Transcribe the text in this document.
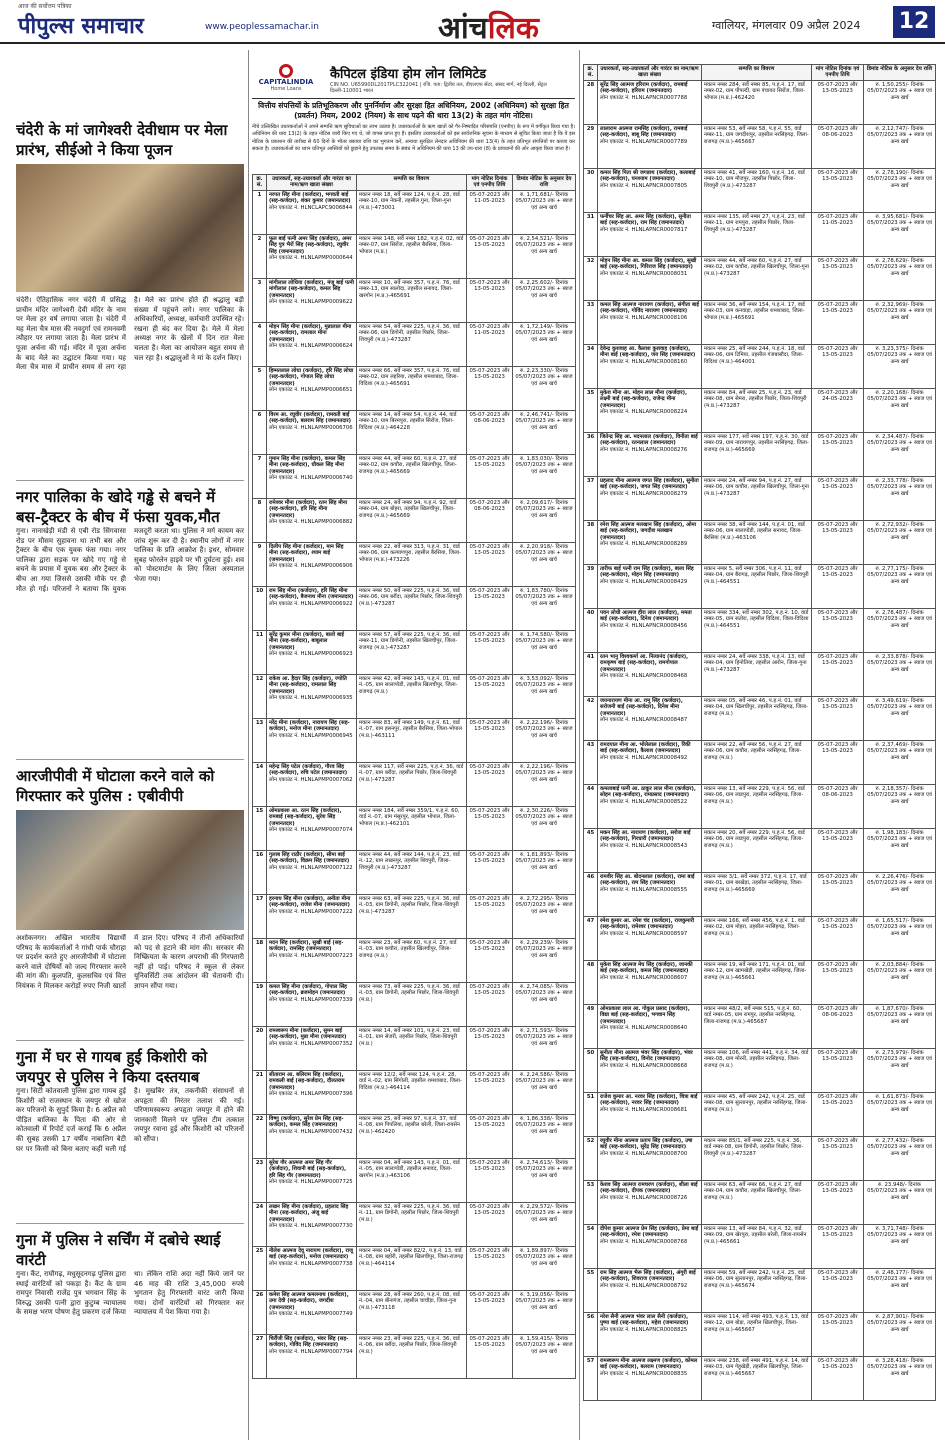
आज की सर्वोत्तम पत्रिका
पीपुल्स समाचार	www.peoplessamachar.in	आंचलिक	ग्वालियर, मंगलवार 09 अप्रैल 2024 12
चंदेरी के मां जागेश्वरी देवीधाम पर मेला प्रारंभ, सीईओ ने किया पूजन
चंदेरी। ऐतिहासिक नगर चंदेरी में प्रसिद्ध प्राचीन मंदिर जागेश्वरी देवी मंदिर के नाम पर मेला हर वर्ष लगाया जाता है। चंदेरी में यह मेला चैत्र मास की नवदुर्गा एवं रामनवमी त्यौहार पर लगाया जाता है। मेला प्रारंभ में पूजा अर्चना की गई। मंदिर में पूजा अर्चना के बाद मेले का उद्घाटन किया गया। यह मेला चैत्र मास में प्राचीन समय से लग रहा है। मेले का प्रारंभ होते ही श्रद्धालु बड़ी संख्या में पहुंचने लगे। नगर पालिका के अधिकारियों, अध्यक्ष, कर्मचारी उपस्थित रहे। रखना ही बंद कर दिया है। मेले में मेला अध्यक्ष नगर के खेलों में दिन रात मेला चलता है। मेला का आयोजन बहुत समय से चल रहा है। श्रद्धालुओं ने मां के दर्शन किए।
नगर पालिका के खोदे गड्ढे से बचने में बस-ट्रैक्टर के बीच में फंसा युवक,मौत
गुना। नानाखेड़ी मंडी से एबी रोड सिंगवासा रोड पर मौसम सुहावना था तभी बस और ट्रैक्टर के बीच एक युवक फंस गया। नगर पालिका द्वारा सड़क पर खोदे गए गड्ढे से बचने के प्रयास में युवक बस और ट्रैक्टर के बीच आ गया जिससे उसकी मौके पर ही मौत हो गई। परिजनों ने बताया कि युवक मजदूरी करता था। पुलिस ने मर्ग कायम कर जांच शुरू कर दी है। स्थानीय लोगों में नगर पालिका के प्रति आक्रोश है। इधर, सोमवार सुबह फोरलेन हाइवे पर भी दुर्घटना हुई। शव को पोस्टमार्टम के लिए जिला अस्पताल भेजा गया।
आरजीपीवी में घोटाला करने वाले को गिरफ्तार करे पुलिस : एबीवीपी
अशोकनगर। अखिल भारतीय विद्यार्थी परिषद के कार्यकर्ताओं ने गांधी पार्क चौराहा पर प्रदर्शन करते हुए आरजीपीवी में घोटाला करने वाले दोषियों को जल्द गिरफ्तार करने की मांग की। कुलपति, कुलसचिव एवं वित्त नियंत्रक ने मिलकर करोड़ों रुपए निजी खातों में डाल दिए। परिषद ने तीनों अधिकारियों को पद से हटाने की मांग की। सरकार की निष्क्रियता के कारण अपराधी की गिरफ्तारी नहीं हो पाई। परिषद ने स्कूल से लेकर यूनिवर्सिटी तक आंदोलन की चेतावनी दी। ज्ञापन सौंपा गया।
गुना में घर से गायब हुई किशोरी को जयपुर से पुलिस ने किया दस्तयाब
गुना। सिटी कोतवाली पुलिस द्वारा गायब हुई किशोरी को राजस्थान के जयपुर से खोज कर परिजनों के सुपुर्द किया है। 6 अप्रैल को पीड़ित बालिका के पिता की ओर से कोतवाली में रिपोर्ट दर्ज कराई कि 6 अप्रैल की सुबह उसकी 17 वर्षीय नाबालिग बेटी घर पर किसी को बिना बताए कहीं चली गई है। मुखबिर तंत्र, तकनीकी संसाधनों से अपहृता की निरंतर तलाश की गई। परिणामस्वरूप अपहृता जयपुर में होने की जानकारी मिलने पर पुलिस टीम तत्काल जयपुर रवाना हुई और किशोरी को परिजनों को सौंपा।
गुना में पुलिस ने सर्चिंग में दबोचे स्थाई वारंटी
गुना। कैंट, राघौगढ़, मधुसूदनगढ़ पुलिस द्वारा स्थाई वारंटियों को पकड़ा है। कैंट के ग्राम रामपुर निवासी राजेंद्र पुत्र भगवान सिंह के विरुद्ध उसकी पत्नी द्वारा कुटुम्ब न्यायालय के समक्ष भरण पोषण हेतु प्रकरण दर्ज किया था। लेकिन राशि अदा नहीं किये जाने पर 46 माह की राशि 3,45,000 रुपये भुगतान हेतु गिरफ्तारी वारंट जारी किया गया। दोनों वारंटियों को गिरफ्तार कर न्यायालय में पेश किया गया है।
CAPITALINDIA
Home Loans
कैपिटल इंडिया होम लोन लिमिटेड
CIN NO. U65990DL2017PLC322041 | रजि. पता: द्वितीय तल, डीएलएफ सेंटर, संसद मार्ग, नई दिल्ली, सेंट्रल दिल्ली-110001 भारत
वित्तीय संपत्तियों के प्रतिभूतिकरण और पुनर्निर्माण और सुरक्षा हित अधिनियम, 2002 (अधिनियम) को सुरक्षा हित (प्रवर्तन) नियम, 2002 (नियम) के साथ पढ़ने की धारा 13(2) के तहत मांग नोटिस।
नीचे उल्लिखित उधारकर्ताओं ने अपने सम्पत्ति ऋण सुविधाओं का लाभ उठाया है। उधारकर्ताओं के ऋण खातों को गैर-निष्पादित परिसंपत्ति (एनपीए) के रूप में वर्गीकृत किया गया है। अधिनियम की धारा 13(2) के तहत नोटिस जारी किए गए थे, जो वापस प्राप्त हुए हैं। इसलिए उधारकर्ताओं को इस सार्वजनिक सूचना के माध्यम से सूचित किया जाता है कि वे इस नोटिस के प्रकाशन की तारीख से 60 दिनों के भीतर बकाया राशि का भुगतान करें, अन्यथा सुरक्षित लेनदार अधिनियम की धारा 13(4) के तहत प्रतिभूत संपत्तियों पर कब्जा कर सकता है। उधारकर्ताओं का ध्यान प्रतिभूत आस्तियों को छुड़ाने हेतु उपलब्ध समय के संबंध में अधिनियम की धारा 13 की उप-धारा (8) के प्रावधानों की ओर आकृष्ट किया जाता है।
क्र. सं.	उधारकर्ता, सह-उधारकर्ता और गारंटर का नाम/ऋण खाता संख्या	सम्पत्ति का विवरण	मांग नोटिस दिनांक एवं एनपीए तिथि	डिमांड नोटिस के अनुसार देय राशि
1	नरपत सिंह मीना (कर्जदार), भगवती बाई (सह-कर्जदार), शंकर कुमार (जमानतदार)
लोन एकाउंट नं. HLNCLAPC9006844	मकान नम्बर 18, सर्वे नम्बर 124, प.ह.नं. 28, वार्ड नम्बर-10, ग्राम नेकनी, तहसील गुना, जिला-गुना (म.प्र.)-473001	05-07-2023 और 11-05-2023	रु. 1,71,681/- दिनांक 05/07/2023 तक + ब्याज एवं अन्य खर्च
2	फूल बाई पत्नी अमर सिंह (कर्जदार), अमर सिंह पुत्र भैरों सिंह (सह-कर्जदार), रघुवीर सिंह (जमानतदार)
लोन एकाउंट नं. HLNLAPMP0000644	मकान नम्बर 148, सर्वे नम्बर 182, प.ह.नं. 02, वार्ड नम्बर-07, ग्राम सिरोंज, तहसील बैरसिया, जिला-भोपाल (म.प्र.)	05-07-2023 और 13-05-2023	रु. 2,54,521/- दिनांक 05/07/2023 तक + ब्याज एवं अन्य खर्च
3	मांगीलाल लोधिया (कर्जदार), मंजू बाई पत्नी मांगीलाल (सह-कर्जदार), कमल सिंह (जमानतदार)
लोन एकाउंट नं. HLNLAPMP0009622	मकान नम्बर 10, सर्वे नम्बर 357, प.ह.नं. 76, वार्ड नम्बर-13, ग्राम सालोदा, तहसील सनावद, जिला-खरगोन (म.प्र.)-465691	05-07-2023 और 13-05-2023	रु. 2,25,602/- दिनांक 05/07/2023 तक + ब्याज एवं अन्य खर्च
4	मोहन सिंह मीना (कर्जदार), मुन्नालाल मीना (सह-कर्जदार), रामलाल मीना (जमानतदार)
लोन एकाउंट नं. HLNLAPMP0006624	मकान नम्बर 54, सर्वे नम्बर 225, प.ह.नं. 36, वार्ड नम्बर-06, ग्राम डिगोनी, तहसील पिछोर, जिला-शिवपुरी (म.प्र.)-473287	05-07-2023 और 11-05-2023	रु. 1,72,149/- दिनांक 05/07/2023 तक + ब्याज एवं अन्य खर्च
5	हिम्मतलाल लोधा (कर्जदार), हरि सिंह लोधा (सह-कर्जदार), गोपाल सिंह लोधा (जमानतदार)
लोन एकाउंट नं. HLNLAPMP0006651	मकान नम्बर 66, सर्वे नम्बर 357, प.ह.नं. 76, वार्ड नम्बर-02, ग्राम लहरिया, तहसील शमशाबाद, जिला-विदिशा (म.प्र.)-465691	05-07-2023 और 13-05-2023	रु. 2,23,330/- दिनांक 05/07/2023 तक + ब्याज एवं अन्य खर्च
6	विरम आ. रघुवीर (कर्जदार), रामवती बाई (सह-कर्जदार), बलराम सिंह (जमानतदार)
लोन एकाउंट नं. HLNLAPMP0006706	मकान नम्बर 14, सर्वे नम्बर 54, प.ह.नं. 44, वार्ड नम्बर-10, ग्राम बिरमपुरा, तहसील सिरोंज, जिला-विदिशा (म.प्र.)-464228	05-07-2023 और 08-06-2023	रु. 2,46,741/- दिनांक 05/07/2023 तक + ब्याज एवं अन्य खर्च
7	गुमान सिंह मीना (कर्जदार), कमल सिंह मीना (सह-कर्जदार), धौकल सिंह मीना (जमानतदार)
लोन एकाउंट नं. HLNLAPMP0006740	मकान नम्बर 44, सर्वे नम्बर 60, प.ह.नं. 27, वार्ड नम्बर-02, ग्राम कचौरा, तहसील खिलचीपुर, जिला-राजगढ़ (म.प्र.)-465669	05-07-2023 और 13-05-2023	रु. 1,83,030/- दिनांक 05/07/2023 तक + ब्याज एवं अन्य खर्च
8	रामेश्वर मीना (कर्जदार), रतन सिंह मीना (सह-कर्जदार), हरि सिंह मीना (जमानतदार)
लोन एकाउंट नं. HLNLAPMP0006882	मकान नम्बर 24, सर्वे नम्बर 94, प.ह.नं. 92, वार्ड नम्बर-04, ग्राम बोहरा, तहसील खिलचीपुर, जिला-राजगढ़ (म.प्र.)-465669	05-07-2023 और 08-06-2023	रु. 2,09,617/- दिनांक 05/07/2023 तक + ब्याज एवं अन्य खर्च
9	दिलीप सिंह मीना (कर्जदार), मान सिंह मीना (सह-कर्जदार), श्याम बाई (जमानतदार)
लोन एकाउंट नं. HLNLAPMP0006906	मकान नम्बर 22, सर्वे नम्बर 313, प.ह.नं. 31, वार्ड नम्बर-06, ग्राम कल्याणपुरा, तहसील बैरसिया, जिला-भोपाल (म.प्र.)-473226	05-07-2023 और 13-05-2023	रु. 2,20,918/- दिनांक 05/07/2023 तक + ब्याज एवं अन्य खर्च
10	राम सिंह मीना (कर्जदार), हरि सिंह मीना (सह-कर्जदार), बैजनाथ मीना (जमानतदार)
लोन एकाउंट नं. HLNLAPMP0006922	मकान नम्बर 50, सर्वे नम्बर 225, प.ह.नं. 36, वार्ड नम्बर-06, ग्राम बरौंदा, तहसील पिछोर, जिला-शिवपुरी (म.प्र.)-473287	05-07-2023 और 13-05-2023	रु. 1,83,780/- दिनांक 05/07/2023 तक + ब्याज एवं अन्य खर्च
11	सुरेंद्र कुमार मीना (कर्जदार), बालो बाई मीना (सह-कर्जदार), बाबूलाल (जमानतदार)
लोन एकाउंट नं. HLNLAPMP0006923	मकान नम्बर 57, सर्वे नम्बर 225, प.ह.नं. 36, वार्ड नम्बर-11, ग्राम डिगोनी, तहसील खिलचीपुर, जिला-राजगढ़ (म.प्र.)-473287	05-07-2023 और 13-05-2023	रु. 1,74,580/- दिनांक 05/07/2023 तक + ब्याज एवं अन्य खर्च
12	राकेश आ. हैदार सिंह (कर्जदार), ज्योति मीना (सह-कर्जदार), रामलाल सिंह (जमानतदार)
लोन एकाउंट नं. HLNLAPMP0006935	मकान नम्बर 42, सर्वे नम्बर 143, प.ह.नं. 01, वार्ड नं.-05, ग्राम सालापोडी, तहसील खिलचीपुर, जिला-राजगढ़ (म.प्र.)	05-07-2023 और 13-05-2023	रु. 3,53,092/- दिनांक 05/07/2023 तक + ब्याज एवं अन्य खर्च
13	नरेंद्र मीना (कर्जदार), नारायण सिंह (सह-कर्जदार), मनोज मीना (जमानतदार)
लोन एकाउंट नं. HLNLAPMP0006945	मकान नम्बर 83, सर्वे नम्बर 149, प.ह.नं. 61, वार्ड नं.-07, ग्राम हसनपुर, तहसील बैरसिया, जिला-भोपाल (म.प्र.)-463111	05-07-2023 और 13-05-2023	रु. 2,22,196/- दिनांक 05/07/2023 तक + ब्याज एवं अन्य खर्च
14	महेन्द्र सिंह पटेल (कर्जदार), गौरव सिंह (सह-कर्जदार), रुचि पटेल (जमानतदार)
लोन एकाउंट नं. HLNLAPMP0007062	मकान नम्बर 117, सर्वे नम्बर 225, प.ह.नं. 36, वार्ड नं.-07, ग्राम बरौंदा, तहसील पिछोर, जिला-शिवपुरी (म.प्र.)-473287	05-07-2023 और 13-05-2023	रु. 2,22,196/- दिनांक 05/07/2023 तक + ब्याज एवं अन्य खर्च
15	ओमप्रकाश आ. रतन सिंह (कर्जदार), रामबाई (सह-कर्जदार), सुरेश सिंह (जमानतदार)
लोन एकाउंट नं. HLNLAPMP0007074	मकान नम्बर 184, सर्वे नम्बर 359/1, प.ह.नं. 60, वार्ड नं.-07, ग्राम मंसूरपुर, तहसील भोपाल, जिला-भोपाल (म.प्र.)-462101	05-07-2023 और 13-05-2023	रु. 2,30,226/- दिनांक 05/07/2023 तक + ब्याज एवं अन्य खर्च
16	गुलाब सिंह राठौर (कर्जदार), सीमा बाई (सह-कर्जदार), विक्रम सिंह (जमानतदार)
लोन एकाउंट नं. HLNLAPMP0007122	मकान नम्बर 44, सर्वे नम्बर 144, प.ह.नं. 23, वार्ड नं.-12, ग्राम लखनपुर, तहसील शिवपुरी, जिला-शिवपुरी (म.प्र.)-473287	05-07-2023 और 13-05-2023	रु. 1,81,893/- दिनांक 05/07/2023 तक + ब्याज एवं अन्य खर्च
17	हरनाथ सिंह मीना (कर्जदार), अनीता मीना (सह-कर्जदार), राजेश मीना (जमानतदार)
लोन एकाउंट नं. HLNLAPMP0007222	मकान नम्बर 63, सर्वे नम्बर 225, प.ह.नं. 36, वार्ड नं.-03, ग्राम डिगोनी, तहसील पिछोर, जिला-शिवपुरी (म.प्र.)-473287	05-07-2023 और 13-05-2023	रु. 2,72,295/- दिनांक 05/07/2023 तक + ब्याज एवं अन्य खर्च
18	मदन सिंह (कर्जदार), सुखी बाई (सह-कर्जदार), रामसिंह (जमानतदार)
लोन एकाउंट नं. HLNLAPMP0007223	मकान नम्बर 23, सर्वे नम्बर 60, प.ह.नं. 27, वार्ड नं.-03, ग्राम कचौरा, तहसील खिलचीपुर, जिला-राजगढ़ (म.प्र.)	05-07-2023 और 13-05-2023	रु. 2,29,239/- दिनांक 05/07/2023 तक + ब्याज एवं अन्य खर्च
19	कमल सिंह मीना (कर्जदार), गोपाल सिंह (सह-कर्जदार), ब्रजमोहन (जमानतदार)
लोन एकाउंट नं. HLNLAPMP0007339	मकान नम्बर 73, सर्वे नम्बर 225, प.ह.नं. 36, वार्ड नं.-03, ग्राम डिगोनी, तहसील पिछोर, जिला-शिवपुरी (म.प्र.)	05-07-2023 और 13-05-2023	रु. 2,74,085/- दिनांक 05/07/2023 तक + ब्याज एवं अन्य खर्च
20	रामस्वरूप मीना (कर्जदार), सुमन बाई (सह-कर्जदार), मुन्ना मीना (जमानतदार)
लोन एकाउंट नं. HLNLAPMP0007352	मकान नम्बर 14, सर्वे नम्बर 101, प.ह.नं. 23, वार्ड नं.-01, ग्राम सेजरी, तहसील पिछोर, जिला-शिवपुरी (म.प्र.)	05-07-2023 और 13-05-2023	रु. 2,71,593/- दिनांक 05/07/2023 तक + ब्याज एवं अन्य खर्च
21	सीताराम आ. बलिराम सिंह (कर्जदार), रामकली बाई (सह-कर्जदार), दौलतराम (जमानतदार)
लोन एकाउंट नं. HLNLAPMP0007396	मकान नम्बर 12/2, सर्वे नम्बर 124, प.ह.नं. 28, वार्ड नं.-02, ग्राम सिंगोली, तहसील शमशाबाद, जिला-विदिशा (म.प्र.)-464114	05-07-2023 और 13-05-2023	रु. 2,24,586/- दिनांक 05/07/2023 तक + ब्याज एवं अन्य खर्च
22	विष्णु (कर्जदार), सुरेश प्रेम सिंह (सह-कर्जदार), कमल सिंह (जमानतदार)
लोन एकाउंट नं. HLNLAPMP0007432	मकान नम्बर 25, सर्वे नम्बर 97, प.ह.नं. 37, वार्ड नं.-08, ग्राम पिपलिया, तहसील बरेली, जिला-रायसेन (म.प्र.)-462420	05-07-2023 और 13-05-2023	रु. 1,86,338/- दिनांक 05/07/2023 तक + ब्याज एवं अन्य खर्च
23	सुरेश गौर आत्मज अमर सिंह गौर (कर्जदार), शिवानी बाई (सह-कर्जदार), हरि सिंह गौर (जमानतदार)
लोन एकाउंट नं. HLNLAPMP0007725	मकान नम्बर 04, सर्वे नम्बर 143, प.ह.नं. 01, वार्ड नं.-05, ग्राम सालापोडी, तहसील सनावद, जिला-खरगोन (म.प्र.)-463106	05-07-2023 और 13-05-2023	रु. 2,74,613/- दिनांक 05/07/2023 तक + ब्याज एवं अन्य खर्च
24	लखन सिंह मीना (कर्जदार), प्रहलाद सिंह मीना (सह-कर्जदार), अंजु बाई (जमानतदार)
लोन एकाउंट नं. HLNLAPMP0007730	मकान नम्बर 32, सर्वे नम्बर 225, प.ह.नं. 36, वार्ड नं.-11, ग्राम डिगोनी, तहसील पिछोर, जिला-शिवपुरी (म.प्र.)	05-07-2023 और 13-05-2023	रु. 2,29,572/- दिनांक 05/07/2023 तक + ब्याज एवं अन्य खर्च
25	नीलेश आत्मज देवू नारायण (कर्जदार), राजू बाई (सह-कर्जदार), मनोज (जमानतदार)
लोन एकाउंट नं. HLNLAPMP0007738	मकान नम्बर 04, सर्वे नम्बर 82/2, प.ह.नं. 13, वार्ड नं.-08, ग्राम बहोरी, तहसील खिलचीपुर, जिला-राजगढ़ (म.प्र.)-464114	05-07-2023 और 13-05-2023	रु. 1,89,897/- दिनांक 05/07/2023 तक + ब्याज एवं अन्य खर्च
26	कमेश सिंह आत्मज कमलनाथ (कर्जदार), उमा देवी (सह-कर्जदार), जगदीश (जमानतदार)
लोन एकाउंट नं. HLNLAPMP0007749	मकान नम्बर 28, सर्वे नम्बर 260, प.ह.नं. 08, वार्ड नं.-04, ग्राम बीनागंज, तहसील चाचौड़ा, जिला-गुना (म.प्र.)-473118	05-07-2023 और 13-05-2023	रु. 3,19,056/- दिनांक 05/07/2023 तक + ब्याज एवं अन्य खर्च
27	चिरौंजी सिंह (कर्जदार), भंवर सिंह (सह-कर्जदार), गोविंद सिंह (जमानतदार)
लोन एकाउंट नं. HLNLAPMP0007794	मकान नम्बर 23, सर्वे नम्बर 225, प.ह.नं. 36, वार्ड नं.-06, ग्राम बरौंदा, तहसील पिछोर, जिला-शिवपुरी (म.प्र.)	05-07-2023 और 13-05-2023	रु. 1,59,415/- दिनांक 05/07/2023 तक + ब्याज एवं अन्य खर्च
क्र. सं.	उधारकर्ता, सह-उधारकर्ता और गारंटर का नाम/ऋण खाता संख्या	सम्पत्ति का विवरण	मांग नोटिस दिनांक एवं एनपीए तिथि	डिमांड नोटिस के अनुसार देय राशि
28	सुरेंद्र सिंह आत्मज हरिराम (कर्जदार), रामबाई (सह-कर्जदार), हरिराम (जमानतदार)
लोन एकाउंट नं. HLNLAPNCR0007788	मकान नम्बर 284, सर्वे नम्बर 85, प.ह.नं. 17, वार्ड नम्बर-02, ग्राम पीपल्दी, ग्राम पंचायत सिरोंज, जिला-भोपाल (म.प्र.)-462420	05-07-2023 और 13-05-2023	रु. 1,50,255/- दिनांक 05/07/2023 तक + ब्याज एवं अन्य खर्च
29	लालाराम आत्मज रामसिंह (कर्जदार), रामबाई (सह-कर्जदार), बाबू सिंह (जमानतदार)
लोन एकाउंट नं. HLNLAPNCR0007789	मकान नम्बर 53, सर्वे नम्बर 58, प.ह.नं. 55, वार्ड नम्बर-11, ग्राम जगदीशपुर, तहसील नरसिंहगढ़, जिला-राजगढ़ (म.प्र.)-465667	05-07-2023 और 08-06-2023	रु. 2,12,747/- दिनांक 05/07/2023 तक + ब्याज एवं अन्य खर्च
30	कमल सिंह पिता श्री जगन्नाथ (कर्जदार), कलाबाई (सह-कर्जदार), घनश्याम (जमानतदार)
लोन एकाउंट नं. HLNLAPNCR0007805	मकान नम्बर 41, सर्वे नम्बर 160, प.ह.नं. 16, वार्ड नम्बर-10, ग्राम मौजपुर, तहसील पिछोर, जिला-शिवपुरी (म.प्र.)-473287	05-07-2023 और 13-05-2023	रु. 2,78,190/- दिनांक 05/07/2023 तक + ब्याज एवं अन्य खर्च
31	फर्नीचर सिंह आ. अमर सिंह (कर्जदार), सुनीता बाई (सह-कर्जदार), राम सिंह (जमानतदार)
लोन एकाउंट नं. HLNLAPNCR0007817	मकान नम्बर 135, सर्वे नम्बर 27, प.ह.नं. 23, वार्ड नम्बर-11, ग्राम रामपुरा, तहसील पिछोर, जिला-शिवपुरी (म.प्र.)-473287	05-07-2023 और 11-05-2023	रु. 3,95,681/- दिनांक 05/07/2023 तक + ब्याज एवं अन्य खर्च
32	मोहन सिंह मीना आ. कमल सिंह (कर्जदार), सुखी बाई (सह-कर्जदार), गिरिराज सिंह (जमानतदार)
लोन एकाउंट नं. HLNLAPNCR0008031	मकान नम्बर 44, सर्वे नम्बर 60, प.ह.नं. 27, वार्ड नम्बर-02, ग्राम कचौरा, तहसील खिलचीपुर, जिला-गुना (म.प्र.)-473287	05-07-2023 और 13-05-2023	रु. 2,78,629/- दिनांक 05/07/2023 तक + ब्याज एवं अन्य खर्च
33	कमल सिंह आत्मज नारायण (कर्जदार), संगीता बाई (सह-कर्जदार), गोविंद नारायण (जमानतदार)
लोन एकाउंट नं. HLNLAPNCR0008106	मकान नम्बर 36, सर्वे नम्बर 154, प.ह.नं. 17, वार्ड नम्बर-03, ग्राम कनवाड़ा, तहसील शमशाबाद, जिला-भोपाल (म.प्र.)-465691	05-07-2023 और 13-05-2023	रु. 2,32,969/- दिनांक 05/07/2023 तक + ब्याज एवं अन्य खर्च
34	देवेन्द्र कुशवाह आ. कैलाश कुशवाह (कर्जदार), मीना बाई (सह-कर्जदार), जय सिंह (जमानतदार)
लोन एकाउंट नं. HLNLAPNCR0008160	मकान नम्बर 25, सर्वे नम्बर 244, प.ह.नं. 18, वार्ड नम्बर-06, ग्राम टिमिया, तहसील गंजबासौदा, जिला-विदिशा (म.प्र.)-464001	05-07-2023 और 13-05-2023	रु. 3,23,375/- दिनांक 05/07/2023 तक + ब्याज एवं अन्य खर्च
35	मुकेश मीना आ. मोहन लाल मीना (कर्जदार), लक्ष्मी बाई (सह-कर्जदार), राजेन्द्र मीना (जमानतदार)
लोन एकाउंट नं. HLNLAPNCR0008224	मकान नम्बर 84, सर्वे नम्बर 25, प.ह.नं. 23, वार्ड नम्बर-08, ग्राम सेमरा, तहसील पिछोर, जिला-शिवपुरी (म.प्र.)-473287	05-07-2023 और 24-05-2023	रु. 2,20,168/- दिनांक 05/07/2023 तक + ब्याज एवं अन्य खर्च
36	जितेन्द्र सिंह आ. मदनलाल (कर्जदार), विनीता बाई (सह-कर्जदार), रतनलाल (जमानतदार)
लोन एकाउंट नं. HLNLAPNCR0008276	मकान नम्बर 177, सर्वे नम्बर 197, प.ह.नं. 30, वार्ड नम्बर-09, ग्राम नारायणपुर, तहसील नरसिंहगढ़, जिला-राजगढ़ (म.प्र.)-465669	05-07-2023 और 13-05-2023	रु. 2,34,487/- दिनांक 05/07/2023 तक + ब्याज एवं अन्य खर्च
37	प्रहलाद मीना आत्मज जगत सिंह (कर्जदार), सुनीता बाई (सह-कर्जदार), जगत सिंह (जमानतदार)
लोन एकाउंट नं. HLNLAPNCR0008279	मकान नम्बर 24, सर्वे नम्बर 94, प.ह.नं. 27, वार्ड नम्बर-06, ग्राम कचौरा, तहसील खिलचीपुर, जिला-गुना (म.प्र.)-473287	05-07-2023 और 13-05-2023	रु. 2,33,778/- दिनांक 05/07/2023 तक + ब्याज एवं अन्य खर्च
38	रमेश सिंह आत्मज मलखान सिंह (कर्जदार), ओमा बाई (सह-कर्जदार), जगदीश मलखान (जमानतदार)
लोन एकाउंट नं. HLNLAPNCR0008289	मकान नम्बर 38, सर्वे नम्बर 144, प.ह.नं. 01, वार्ड नम्बर-06, ग्राम सालापोडी, तहसील सनावद, जिला-बैरसिया (म.प्र.)-463106	05-07-2023 और 13-05-2023	रु. 2,72,932/- दिनांक 05/07/2023 तक + ब्याज एवं अन्य खर्च
39	तारीफ बाई पत्नी राम सिंह (कर्जदार), बाला सिंह (सह-कर्जदार), मोहन सिंह (जमानतदार)
लोन एकाउंट नं. HLNLAPNCR0008429	मकान नम्बर 5, सर्वे नम्बर 306, प.ह.नं. 11, वार्ड नम्बर-04, ग्राम बैरागढ़, तहसील पिछोर, जिला-शिवपुरी (म.प्र.)-464551	05-07-2023 और 13-05-2023	रु. 2,77,175/- दिनांक 05/07/2023 तक + ब्याज एवं अन्य खर्च
40	पवन लोधी आत्मज हीरा लाल (कर्जदार), ममता बाई (सह-कर्जदार), दिनेश (जमानतदार)
लोन एकाउंट नं. HLNLAPNCR0008456	मकान नम्बर 334, सर्वे नम्बर 302, प.ह.नं. 10, वार्ड नम्बर-05, ग्राम सतोरा, तहसील विदिशा, जिला-विदिशा (म.प्र.)-464551	05-07-2023 और 13-05-2023	रु. 2,78,487/- दिनांक 05/07/2023 तक + ब्याज एवं अन्य खर्च
41	रतन भानु विश्वकर्मा आ. नित्यानंद (कर्जदार), रामकृष्ण बाई (सह-कर्जदार), रामगोपाल (जमानतदार)
लोन एकाउंट नं. HLNLAPNCR0008468	मकान नम्बर 24, सर्वे नम्बर 338, प.ह.नं. 13, वार्ड नम्बर-04, ग्राम हिनोतिया, तहसील आरोन, जिला-गुना (म.प्र.)-473287	05-07-2023 और 13-05-2023	रु. 2,33,878/- दिनांक 05/07/2023 तक + ब्याज एवं अन्य खर्च
42	जयनारायण मीना आ. रामू सिंह (कर्जदार), सरोजनी बाई (सह-कर्जदार), दिनेश मीना (जमानतदार)
लोन एकाउंट नं. HLNLAPNCR0008487	मकान नम्बर 05, सर्वे नम्बर 46, प.ह.नं. 01, वार्ड नम्बर-04, ग्राम खिलचीपुर, तहसील नरसिंहगढ़, जिला-राजगढ़ (म.प्र.)	05-07-2023 और 13-05-2023	रु. 3,49,619/- दिनांक 05/07/2023 तक + ब्याज एवं अन्य खर्च
43	रामदयाल मीना आ. भोलेलाल (कर्जदार), रिंकी बाई (सह-कर्जदार), कैलाश (जमानतदार)
लोन एकाउंट नं. HLNLAPNCR0008492	मकान नम्बर 22, सर्वे नम्बर 56, प.ह.नं. 27, वार्ड नम्बर-06, ग्राम कचौरा, तहसील नरसिंहगढ़, जिला-राजगढ़ (म.प्र.)	05-07-2023 और 13-05-2023	रु. 2,37,469/- दिनांक 05/07/2023 तक + ब्याज एवं अन्य खर्च
44	कमलाबाई पत्नी आ. ठाकुर लाल मीना (कर्जदार), सोहन (सह-कर्जदार), रामप्रसाद (जमानतदार)
लोन एकाउंट नं. HLNLAPNCR0008522	मकान नम्बर 13, सर्वे नम्बर 229, प.ह.नं. 56, वार्ड नम्बर-06, ग्राम लाडपुरा, तहसील नरसिंहगढ़, जिला-राजगढ़ (म.प्र.)	05-07-2023 और 08-06-2023	रु. 2,18,357/- दिनांक 05/07/2023 तक + ब्याज एवं अन्य खर्च
45	मकन सिंह आ. नारायण (कर्जदार), सरोज बाई (सह-कर्जदार), गिरधारी (जमानतदार)
लोन एकाउंट नं. HLNLAPNCR0008543	मकान नम्बर 20, सर्वे नम्बर 229, प.ह.नं. 56, वार्ड नम्बर-06, ग्राम लाडपुरा, तहसील नरसिंहगढ़, जिला-राजगढ़ (म.प्र.)	05-07-2023 और 13-05-2023	रु. 1,98,183/- दिनांक 05/07/2023 तक + ब्याज एवं अन्य खर्च
46	रामवीर सिंह आ. बोदनलाल (कर्जदार), रामा बाई (सह-कर्जदार), राम सिंह (जमानतदार)
लोन एकाउंट नं. HLNLAPNCR0008555	मकान नम्बर 3/1, सर्वे नम्बर 372, प.ह.नं. 17, वार्ड नम्बर-01, ग्राम बरखेड़ा, तहसील नरसिंहगढ़, जिला-राजगढ़ (म.प्र.)-465669	05-07-2023 और 13-05-2023	रु. 2,26,476/- दिनांक 05/07/2023 तक + ब्याज एवं अन्य खर्च
47	रमेश कुमार आ. रमेश चंद (कर्जदार), राजकुमारी (सह-कर्जदार), रामेश्वर (जमानतदार)
लोन एकाउंट नं. HLNLAPNCR0008597	मकान नम्बर 166, सर्वे नम्बर 456, प.ह.नं. 1, वार्ड नम्बर-02, ग्राम मोहरा, तहसील नरसिंहगढ़, जिला-राजगढ़ (म.प्र.)	05-07-2023 और 13-05-2023	रु. 1,65,517/- दिनांक 05/07/2023 तक + ब्याज एवं अन्य खर्च
48	मुकेश सिंह आत्मज मेघ सिंह (कर्जदार), जानकी बाई (सह-कर्जदार), कमल सिंह (जमानतदार)
लोन एकाउंट नं. HLNLAPNCR0008607	मकान नम्बर 19, सर्वे नम्बर 171, प.ह.नं. 01, वार्ड नम्बर-12, ग्राम खामखेड़ी, तहसील नरसिंहगढ़, जिला-राजगढ़ (म.प्र.)-465661	05-07-2023 और 13-05-2023	रु. 2,03,884/- दिनांक 05/07/2023 तक + ब्याज एवं अन्य खर्च
49	ओमप्रकाश लाल आ. गोकुल प्रसाद (कर्जदार), विद्या बाई (सह-कर्जदार), भगवान सिंह (जमानतदार)
लोन एकाउंट नं. HLNLAPNCR0008640	मकान नम्बर 48/2, सर्वे नम्बर 515, प.ह.नं. 60, वार्ड नम्बर-05, ग्राम रामपुर, तहसील नरसिंहगढ़, जिला-राजगढ़ (म.प्र.)-465687	05-07-2023 और 08-06-2023	रु. 1,87,670/- दिनांक 05/07/2023 तक + ब्याज एवं अन्य खर्च
50	सुनीता मीना आत्मज भंवर सिंह (कर्जदार), भंवर सिंह (सह-कर्जदार), विनोद (जमानतदार)
लोन एकाउंट नं. HLNLAPNCR0008668	मकान नम्बर 106, सर्वे नम्बर 441, प.ह.नं. 34, वार्ड नम्बर-08, ग्राम मोरनी, तहसील नरसिंहगढ़, जिला-राजगढ़ (म.प्र.)	05-07-2023 और 13-05-2023	रु. 2,73,979/- दिनांक 05/07/2023 तक + ब्याज एवं अन्य खर्च
51	राजेश कुमार आ. नरवर सिंह (कर्जदार), चित्रा बाई (सह-कर्जदार), नरवर सिंह (जमानतदार)
लोन एकाउंट नं. HLNLAPNCR0008681	मकान नम्बर 45, सर्वे नम्बर 242, प.ह.नं. 25, वार्ड नम्बर-08, ग्राम सुल्तानपुर, तहसील नरसिंहगढ़, जिला-राजगढ़ (म.प्र.)	05-07-2023 और 13-05-2023	रु. 1,61,873/- दिनांक 05/07/2023 तक + ब्याज एवं अन्य खर्च
52	रघुवीर मीना आत्मज प्रताप सिंह (कर्जदार), उषा बाई (सह-कर्जदार), सुरेंद्र सिंह (जमानतदार)
लोन एकाउंट नं. HLNLAPNCR0008700	मकान नम्बर 85/1, सर्वे नम्बर 225, प.ह.नं. 36, वार्ड नम्बर-08, ग्राम डिगोनी, तहसील पिछोर, जिला-शिवपुरी (म.प्र.)-473287	05-07-2023 और 13-05-2023	रु. 2,77,432/- दिनांक 05/07/2023 तक + ब्याज एवं अन्य खर्च
53	केशव सिंह आत्मज रामचरण (कर्जदार), शीला बाई (सह-कर्जदार), दीपक (जमानतदार)
लोन एकाउंट नं. HLNLAPNCR0008726	मकान नम्बर 63, सर्वे नम्बर 66, प.ह.नं. 27, वार्ड नम्बर-04, ग्राम कचौरा, तहसील खिलचीपुर, जिला-राजगढ़ (म.प्र.)	05-07-2023 और 13-05-2023	रु. 23,948/- दिनांक 05/07/2023 तक + ब्याज एवं अन्य खर्च
54	दीपेश कुमार आत्मज प्रेम सिंह (कर्जदार), प्रेमा बाई (सह-कर्जदार), रमेश (जमानतदार)
लोन एकाउंट नं. HLNLAPNCR0008768	मकान नम्बर 13, सर्वे नम्बर 84, प.ह.नं. 32, वार्ड नम्बर-09, ग्राम खेरपुरा, तहसील बरेली, जिला-रायसेन (म.प्र.)-465661	05-07-2023 और 13-05-2023	रु. 3,71,748/- दिनांक 05/07/2023 तक + ब्याज एवं अन्य खर्च
55	राम सिंह आत्मज भैरू सिंह (कर्जदार), अंगूरी बाई (सह-कर्जदार), शिवराज (जमानतदार)
लोन एकाउंट नं. HLNLAPNCR0008792	मकान नम्बर 59, सर्वे नम्बर 242, प.ह.नं. 25, वार्ड नम्बर-06, ग्राम सुल्तानपुर, तहसील नरसिंहगढ़, जिला-राजगढ़ (म.प्र.)-465674	05-07-2023 और 13-05-2023	रु. 2,48,177/- दिनांक 05/07/2023 तक + ब्याज एवं अन्य खर्च
56	नरेश सैनी आत्मज भंवर लाल सैनी (कर्जदार), पुष्पा बाई (सह-कर्जदार), महेश (जमानतदार)
लोन एकाउंट नं. HLNLAPNCR0008825	मकान नम्बर 114, सर्वे नम्बर 493, प.ह.नं. 13, वार्ड नम्बर-12, ग्राम बोड़ा, तहसील खिलचीपुर, जिला-राजगढ़ (म.प्र.)-465667	05-07-2023 और 13-05-2023	रु. 2,87,901/- दिनांक 05/07/2023 तक + ब्याज एवं अन्य खर्च
57	रामस्वरूप मीना आत्मज लक्ष्मण (कर्जदार), कोमल बाई (सह-कर्जदार), बलराम (जमानतदार)
लोन एकाउंट नं. HLNLAPNCR0008835	मकान नम्बर 238, सर्वे नम्बर 491, प.ह.नं. 14, वार्ड नम्बर-03, ग्राम गेहूखेड़ी, तहसील खिलचीपुर, जिला-राजगढ़ (म.प्र.)-465667	05-07-2023 और 13-05-2023	रु. 3,28,418/- दिनांक 05/07/2023 तक + ब्याज एवं अन्य खर्च
